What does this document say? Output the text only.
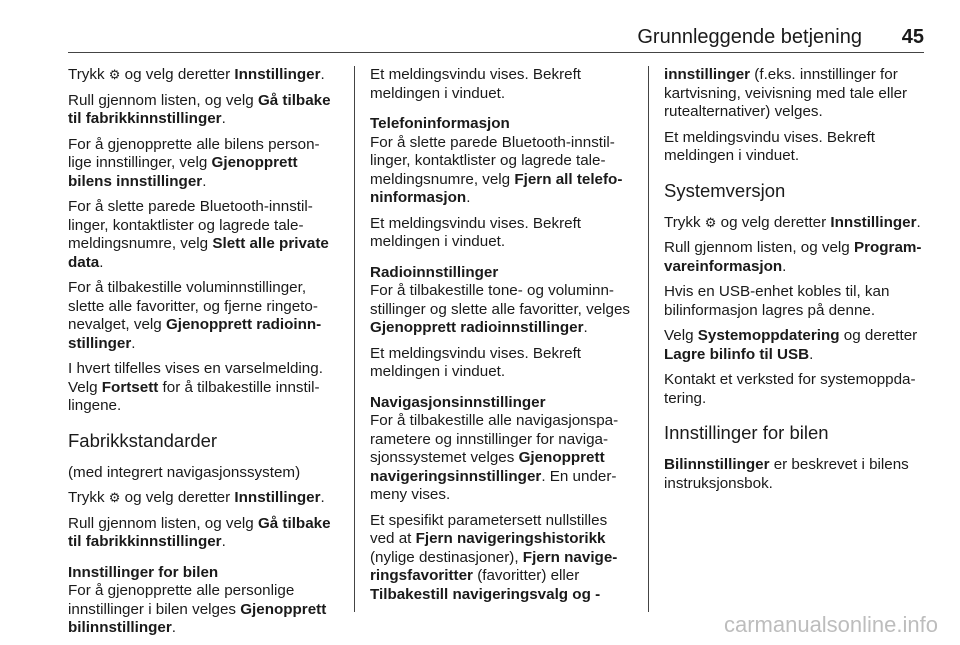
Grunnleggende betjening 45

Trykk ⚙ og velg deretter Innstillinger.

Rull gjennom listen, og velg Gå tilbake til fabrikkinnstillinger.

For å gjenopprette alle bilens person-lige innstillinger, velg Gjenopprett bilens innstillinger.

For å slette parede Bluetooth-innstil-linger, kontaktlister og lagrede tale-meldingsnumre, velg Slett alle private data.

For å tilbakestille voluminnstillinger, slette alle favoritter, og fjerne ringeto-nevalget, velg Gjenopprett radioinn-stillinger.

I hvert tilfelles vises en varselmelding. Velg Fortsett for å tilbakestille innstil-lingene.

Fabrikkstandarder

(med integrert navigasjonssystem)

Trykk ⚙ og velg deretter Innstillinger.

Rull gjennom listen, og velg Gå tilbake til fabrikkinnstillinger.

Innstillinger for bilen

For å gjenopprette alle personlige innstillinger i bilen velges Gjenopprett bilinnstillinger.

Et meldingsvindu vises. Bekreft meldingen i vinduet.

Telefoninformasjon

For å slette parede Bluetooth-innstil-linger, kontaktlister og lagrede tale-meldingsnumre, velg Fjern all telefo-ninformasjon.

Et meldingsvindu vises. Bekreft meldingen i vinduet.

Radioinnstillinger

For å tilbakestille tone- og voluminn-stillinger og slette alle favoritter, velges Gjenopprett radioinnstillinger.

Et meldingsvindu vises. Bekreft meldingen i vinduet.

Navigasjonsinnstillinger

For å tilbakestille alle navigasjonspa-rametere og innstillinger for naviga-sjonssystemet velges Gjenopprett navigeringsinnstillinger. En under-meny vises.

Et spesifikt parametersett nullstilles ved at Fjern navigeringshistorikk (nylige destinasjoner), Fjern navige-ringsfavoritter (favoritter) eller Tilbakestill navigeringsvalg og -

innstillinger (f.eks. innstillinger for kartvisning, veivisning med tale eller rutealternativer) velges.

Et meldingsvindu vises. Bekreft meldingen i vinduet.

Systemversjon

Trykk ⚙ og velg deretter Innstillinger.

Rull gjennom listen, og velg Program-vareinformasjon.

Hvis en USB-enhet kobles til, kan bilinformasjon lagres på denne.

Velg Systemoppdatering og deretter Lagre bilinfo til USB.

Kontakt et verksted for systemoppda-tering.

Innstillinger for bilen

Bilinnstillinger er beskrevet i bilens instruksjonsbok.

carmanualsonline.info
